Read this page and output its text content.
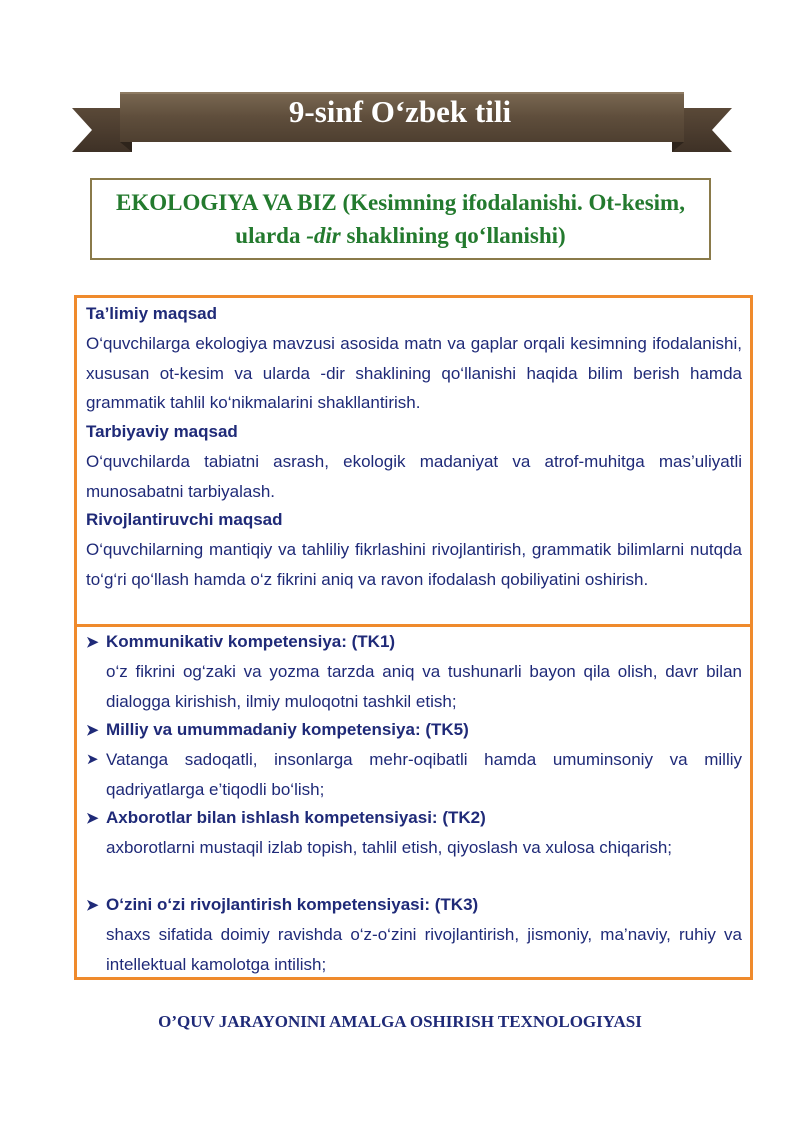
9-sinf O‘zbek tili
EKOLOGIYA VA BIZ (Kesimning ifodalanishi. Ot-kesim, ularda -dir shaklining qo‘llanishi)
Ta’limiy maqsad
O‘quvchilarga ekologiya mavzusi asosida matn va gaplar orqali kesimning ifodalanishi, xususan ot-kesim va ularda -dir shaklining qo‘llanishi haqida bilim berish hamda grammatik tahlil ko‘nikmalarini shakllantirish.
Tarbiyaviy maqsad
O‘quvchilarda tabiatni asrash, ekologik madaniyat va atrof-muhitga mas’uliyatli munosabatni tarbiyalash.
Rivojlantiruvchi maqsad
O‘quvchilarning mantiqiy va tahliliy fikrlashini rivojlantirish, grammatik bilimlarni nutqda to‘g‘ri qo‘llash hamda o‘z fikrini aniq va ravon ifodalash qobiliyatini oshirish.
➤ Kommunikativ kompetensiya: (TK1)
o‘z fikrini og‘zaki va yozma tarzda aniq va tushunarli bayon qila olish, davr bilan dialogga kirishish, ilmiy muloqotni tashkil etish;
➤ Milliy va umummadaniy kompetensiya: (TK5)
➤ Vatanga sadoqatli, insonlarga mehr-oqibatli hamda umuminsoniy va milliy qadriyatlarga e’tiqodli bo‘lish;
➤ Axborotlar bilan ishlash kompetensiyasi: (TK2)
axborotlarni mustaqil izlab topish, tahlil etish, qiyoslash va xulosa chiqarish;
➤ O‘zini o‘zi rivojlantirish kompetensiyasi: (TK3)
shaxs sifatida doimiy ravishda o‘z-o‘zini rivojlantirish, jismoniy, ma’naviy, ruhiy va intellektual kamolotga intilish;
O’QUV JARAYONINI AMALGA OSHIRISH TEXNOLOGIYASI
